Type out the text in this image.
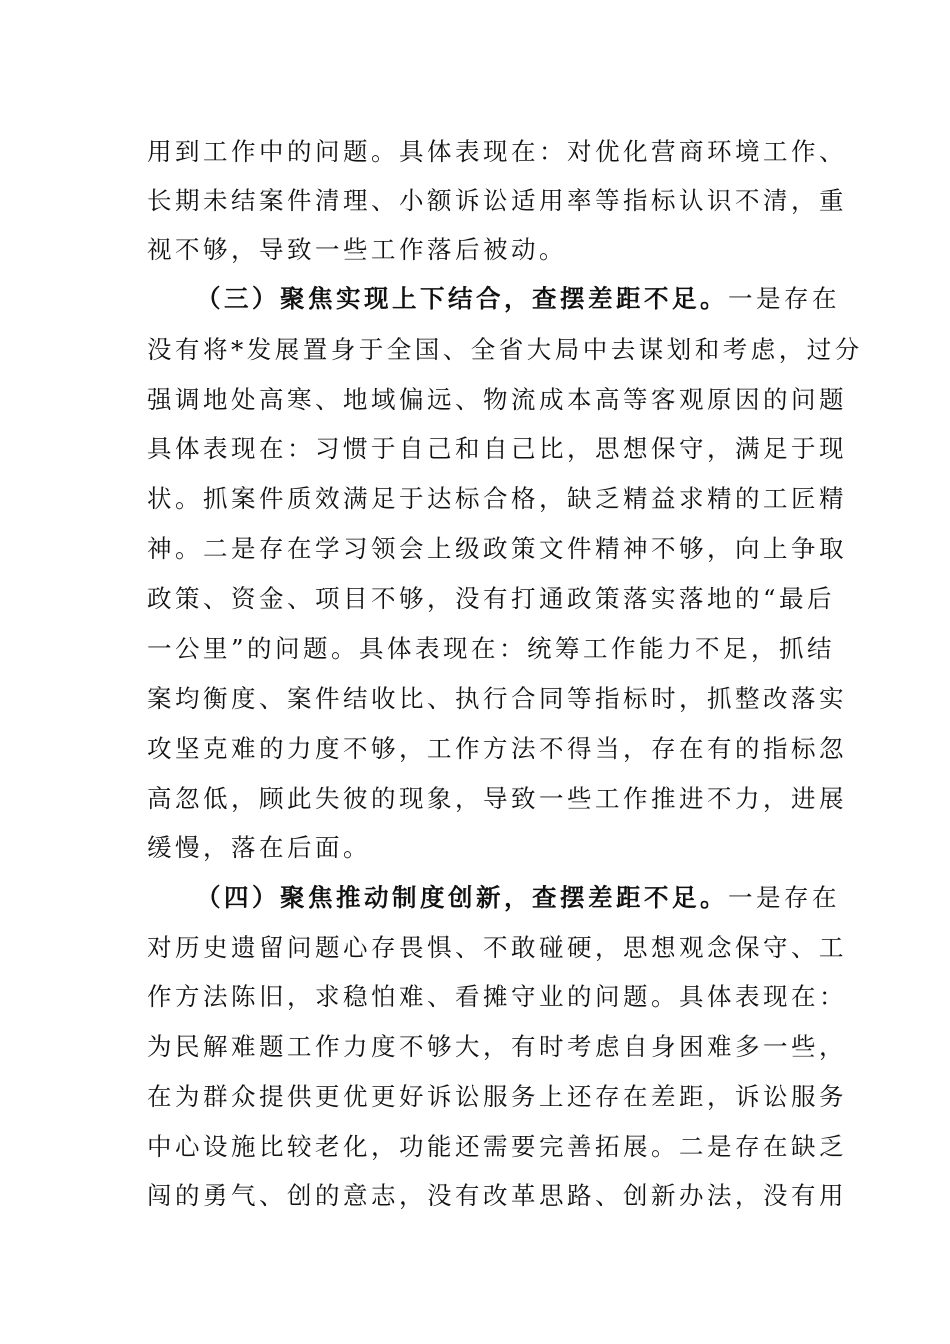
用到工作中的问题。具体表现在：对优化营商环境工作、
长期未结案件清理、小额诉讼适用率等指标认识不清，重
视不够，导致一些工作落后被动。
（三）聚焦实现上下结合，查摆差距不足。一是存在
没有将*发展置身于全国、全省大局中去谋划和考虑，过分
强调地处高寒、地域偏远、物流成本高等客观原因的问题
具体表现在：习惯于自己和自己比，思想保守，满足于现
状。抓案件质效满足于达标合格，缺乏精益求精的工匠精
神。二是存在学习领会上级政策文件精神不够，向上争取
政策、资金、项目不够，没有打通政策落实落地的“最后
一公里”的问题。具体表现在：统筹工作能力不足，抓结
案均衡度、案件结收比、执行合同等指标时，抓整改落实
攻坚克难的力度不够，工作方法不得当，存在有的指标忽
高忽低，顾此失彼的现象，导致一些工作推进不力，进展
缓慢，落在后面。
（四）聚焦推动制度创新，查摆差距不足。一是存在
对历史遗留问题心存畏惧、不敢碰硬，思想观念保守、工
作方法陈旧，求稳怕难、看摊守业的问题。具体表现在：
为民解难题工作力度不够大，有时考虑自身困难多一些，
在为群众提供更优更好诉讼服务上还存在差距，诉讼服务
中心设施比较老化，功能还需要完善拓展。二是存在缺乏
闯的勇气、创的意志，没有改革思路、创新办法，没有用
